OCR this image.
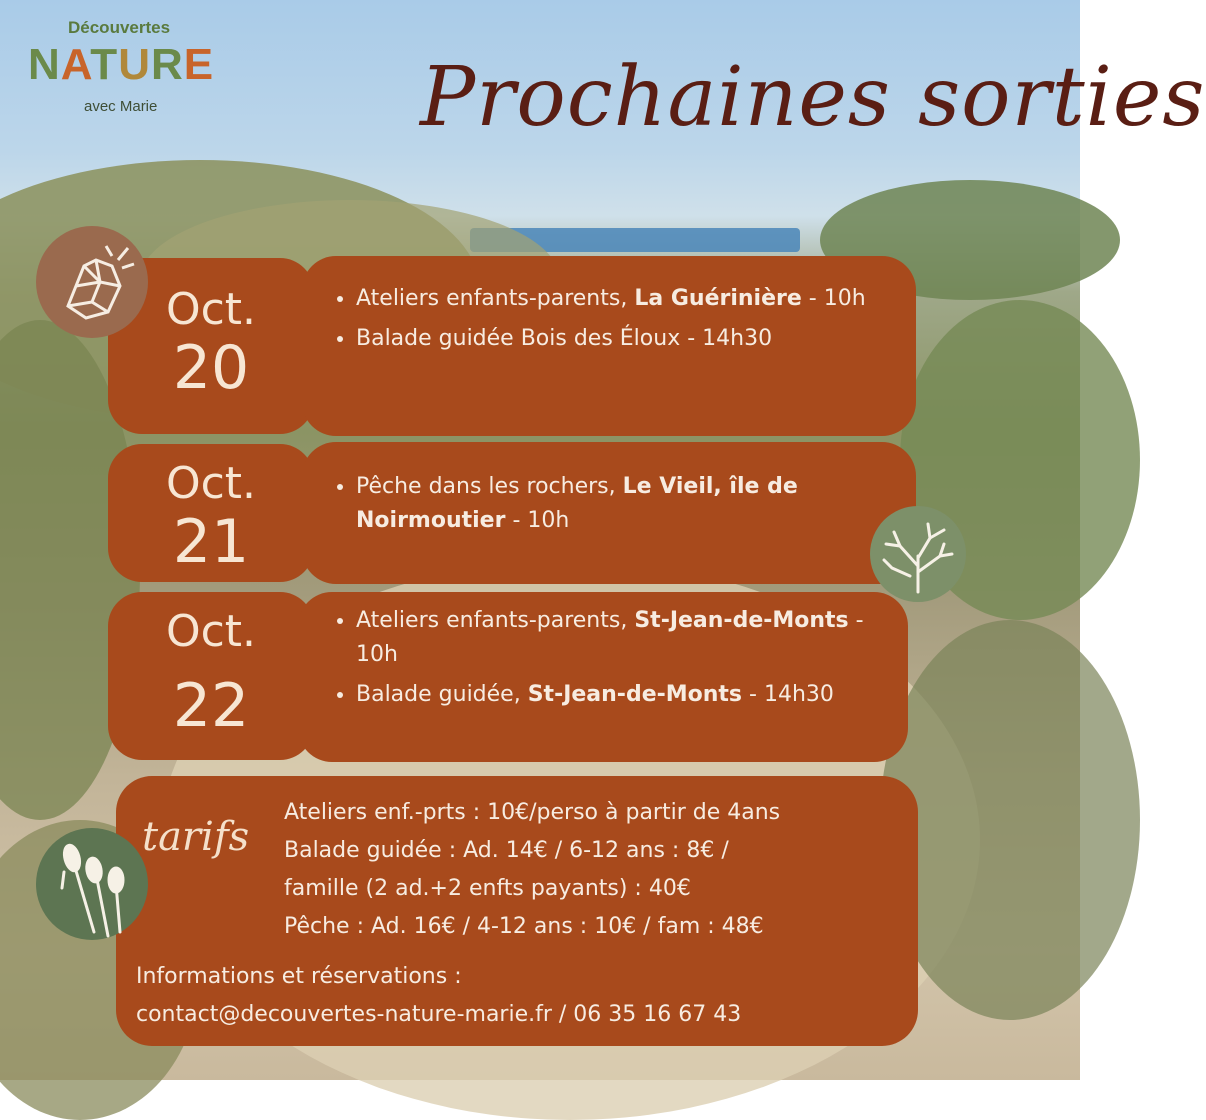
Découvertes
NATURE
avec Marie	Prochaines sorties
Oct.
20
• Ateliers enfants-parents, La Guérinière - 10h
• Balade guidée Bois des Éloux - 14h30
Oct.
21
• Pêche dans les rochers, Le Vieil, île de Noirmoutier - 10h
Oct.
22
• Ateliers enfants-parents, St-Jean-de-Monts - 10h
• Balade guidée, St-Jean-de-Monts - 14h30
tarifs
Ateliers enf.-prts : 10€/perso à partir de 4ans
Balade guidée : Ad. 14€ / 6-12 ans : 8€ /
famille (2 ad.+2 enfts payants) : 40€
Pêche : Ad. 16€ / 4-12 ans : 10€ / fam : 48€
Informations et réservations :
contact@decouvertes-nature-marie.fr / 06 35 16 67 43
